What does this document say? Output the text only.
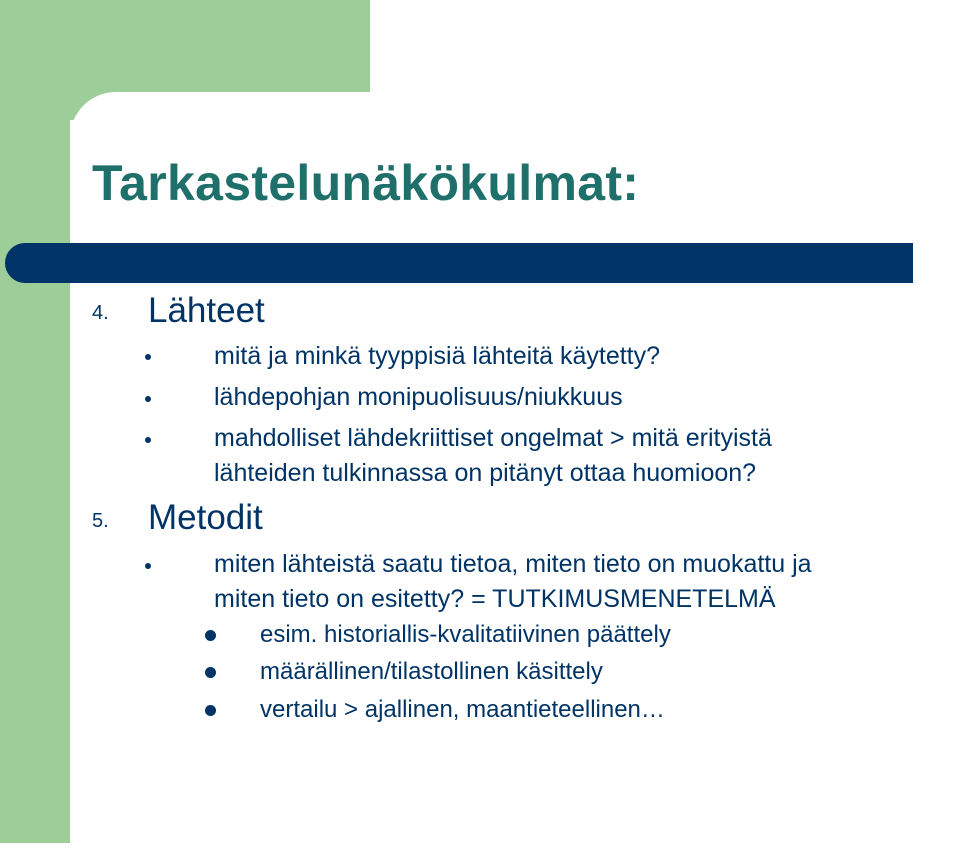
Tarkastelunäkökulmat:
4. Lähteet
mitä ja minkä tyyppisiä lähteitä käytetty?
lähdepohjan monipuolisuus/niukkuus
mahdolliset lähdekriittiset ongelmat > mitä erityistä
lähteiden tulkinnassa on pitänyt ottaa huomioon?
5. Metodit
miten lähteistä saatu tietoa, miten tieto on muokattu ja
miten tieto on esitetty? = TUTKIMUSMENETELMÄ
esim. historiallis-kvalitatiivinen päättely
määrällinen/tilastollinen käsittely
vertailu > ajallinen, maantieteellinen…
